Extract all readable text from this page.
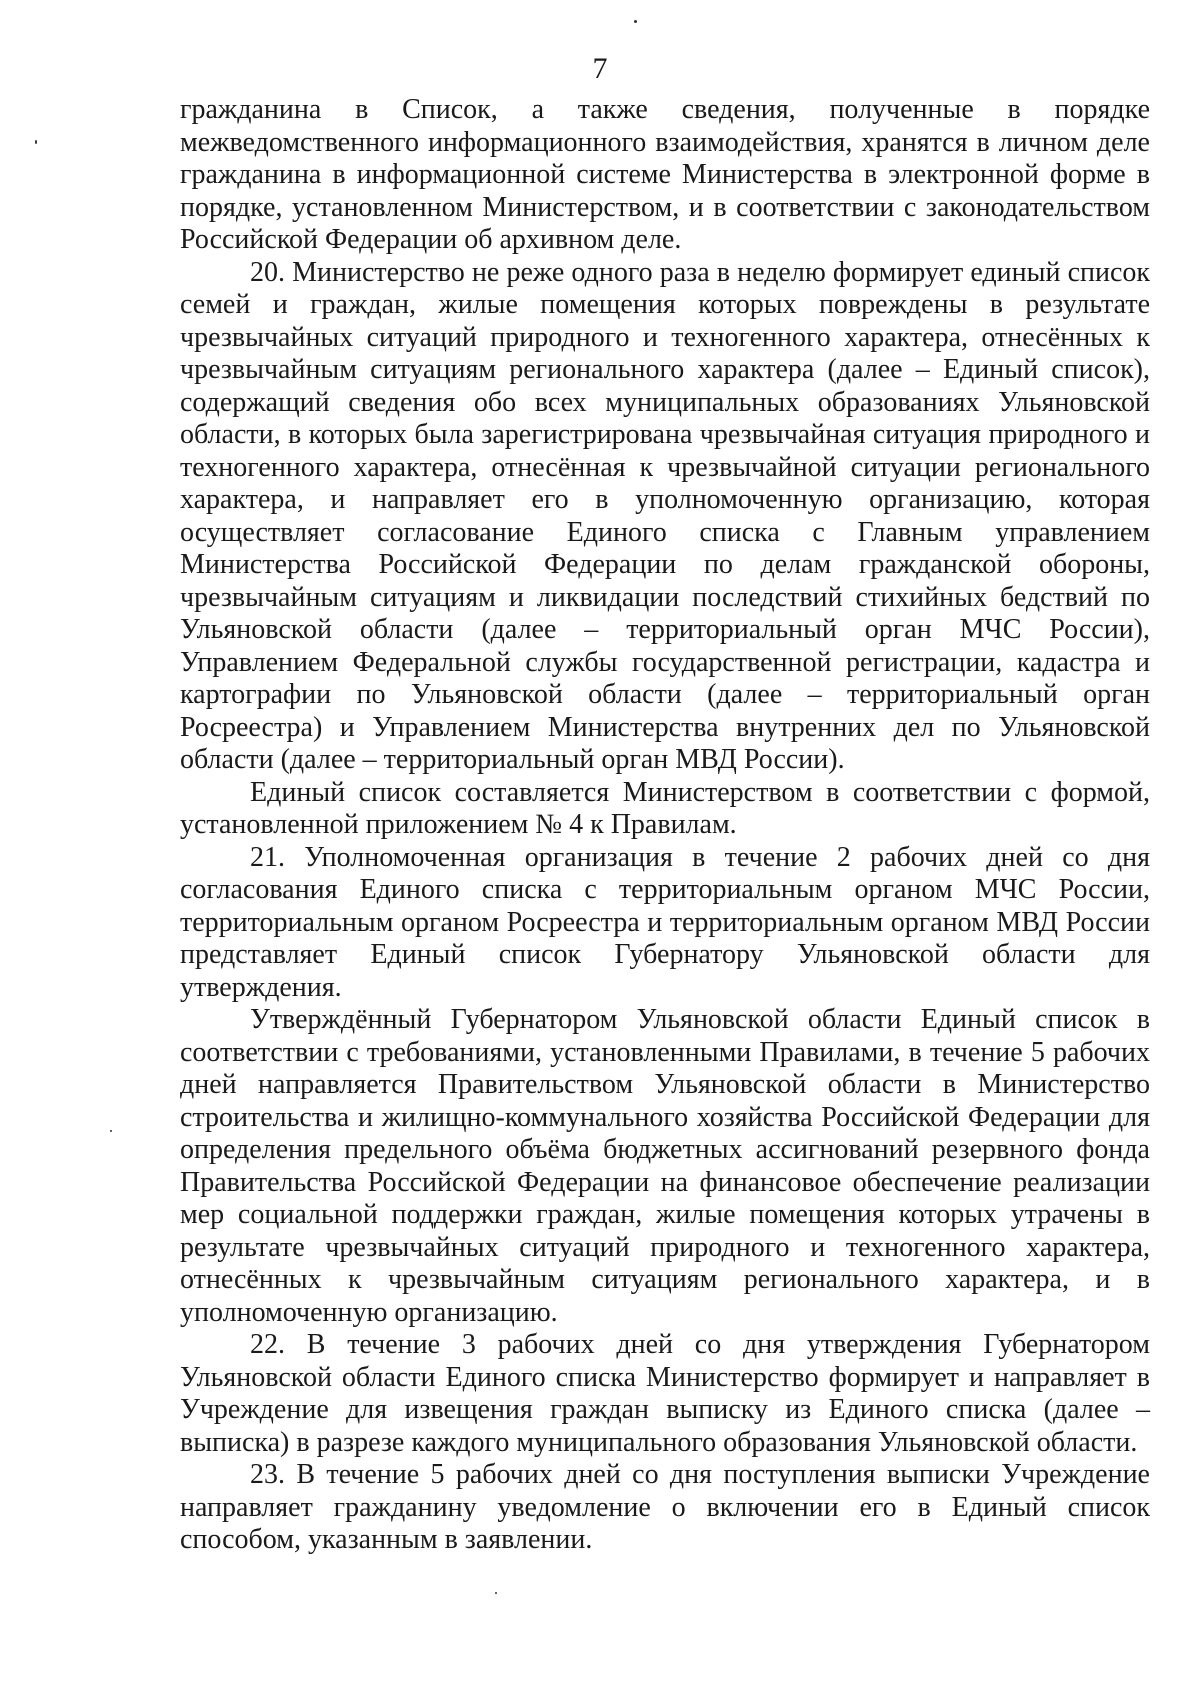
7

гражданина в Список, а также сведения, полученные в порядке межведомственного информационного взаимодействия, хранятся в личном деле гражданина в информационной системе Министерства в электронной форме в порядке, установленном Министерством, и в соответствии с законодательством Российской Федерации об архивном деле.

20. Министерство не реже одного раза в неделю формирует единый список семей и граждан, жилые помещения которых повреждены в результате чрезвычайных ситуаций природного и техногенного характера, отнесённых к чрезвычайным ситуациям регионального характера (далее – Единый список), содержащий сведения обо всех муниципальных образованиях Ульяновской области, в которых была зарегистрирована чрезвычайная ситуация природного и техногенного характера, отнесённая к чрезвычайной ситуации регионального характера, и направляет его в уполномоченную организацию, которая осуществляет согласование Единого списка с Главным управлением Министерства Российской Федерации по делам гражданской обороны, чрезвычайным ситуациям и ликвидации последствий стихийных бедствий по Ульяновской области (далее – территориальный орган МЧС России), Управлением Федеральной службы государственной регистрации, кадастра и картографии по Ульяновской области (далее – территориальный орган Росреестра) и Управлением Министерства внутренних дел по Ульяновской области (далее – территориальный орган МВД России).

Единый список составляется Министерством в соответствии с формой, установленной приложением № 4 к Правилам.

21. Уполномоченная организация в течение 2 рабочих дней со дня согласования Единого списка с территориальным органом МЧС России, территориальным органом Росреестра и территориальным органом МВД России представляет Единый список Губернатору Ульяновской области для утверждения.

Утверждённый Губернатором Ульяновской области Единый список в соответствии с требованиями, установленными Правилами, в течение 5 рабочих дней направляется Правительством Ульяновской области в Министерство строительства и жилищно-коммунального хозяйства Российской Федерации для определения предельного объёма бюджетных ассигнований резервного фонда Правительства Российской Федерации на финансовое обеспечение реализации мер социальной поддержки граждан, жилые помещения которых утрачены в результате чрезвычайных ситуаций природного и техногенного характера, отнесённых к чрезвычайным ситуациям регионального характера, и в уполномоченную организацию.

22. В течение 3 рабочих дней со дня утверждения Губернатором Ульяновской области Единого списка Министерство формирует и направляет в Учреждение для извещения граждан выписку из Единого списка (далее – выписка) в разрезе каждого муниципального образования Ульяновской области.

23. В течение 5 рабочих дней со дня поступления выписки Учреждение направляет гражданину уведомление о включении его в Единый список способом, указанным в заявлении.
